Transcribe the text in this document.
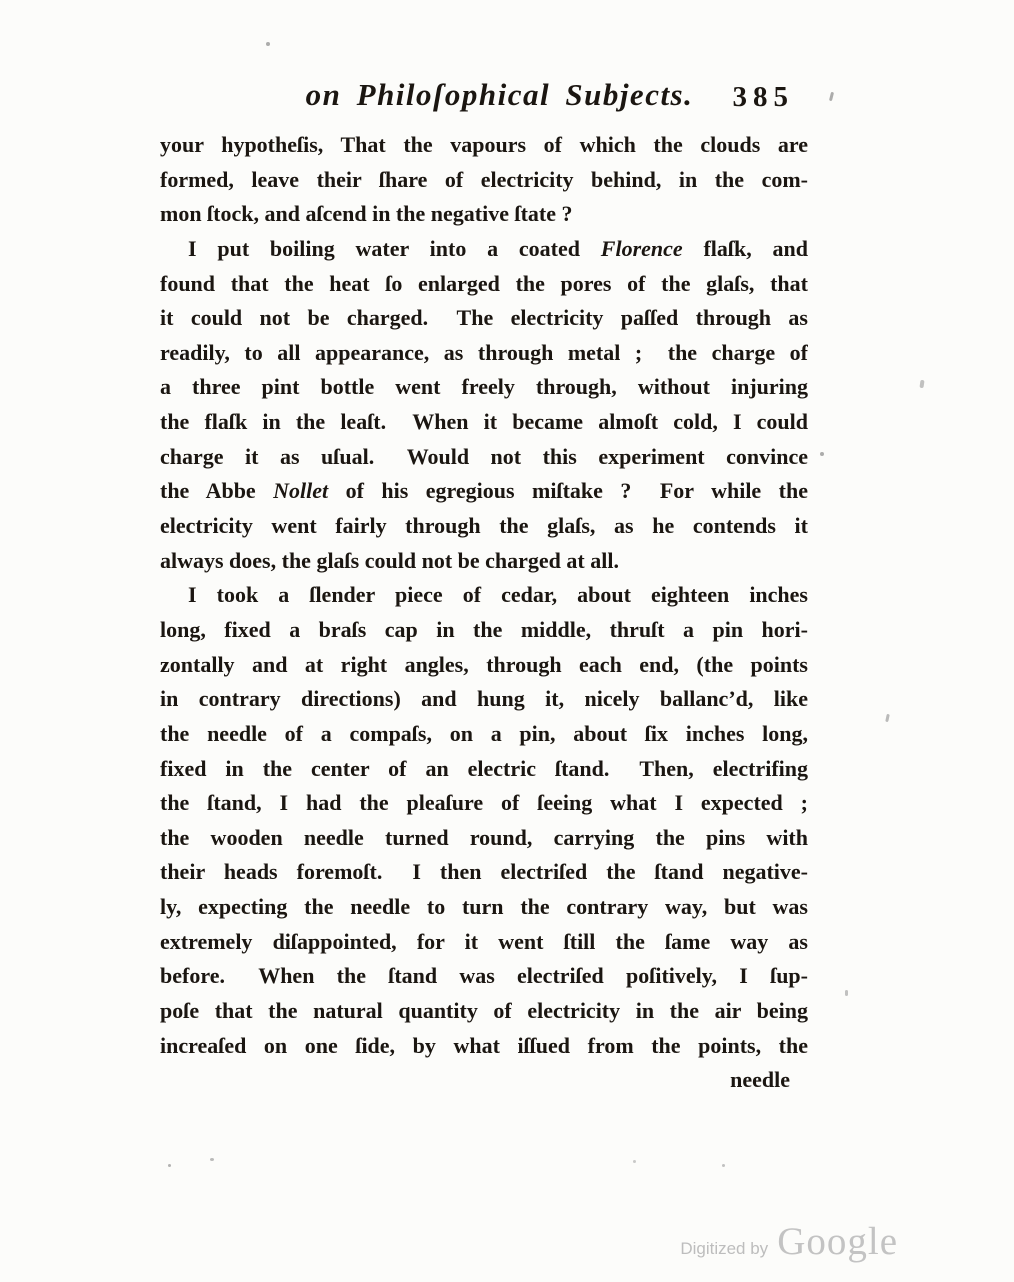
on Philoſophical Subjects. 385
your hypotheſis, That the vapours of which the clouds are
formed, leave their ſhare of electricity behind, in the com-
mon ſtock, and aſcend in the negative ſtate ?
I put boiling water into a coated Florence flaſk, and
found that the heat ſo enlarged the pores of the glaſs, that
it could not be charged.  The electricity paſſed through as
readily, to all appearance, as through metal ;  the charge of
a three pint bottle went freely through, without injuring
the flaſk in the leaſt.  When it became almoſt cold, I could
charge it as uſual.  Would not this experiment convince
the Abbe Nollet of his egregious miſtake ?  For while the
electricity went fairly through the glaſs, as he contends it
always does, the glaſs could not be charged at all.
I took a ſlender piece of cedar, about eighteen inches
long, fixed a braſs cap in the middle, thruſt a pin hori-
zontally and at right angles, through each end, (the points
in contrary directions) and hung it, nicely ballanc’d, like
the needle of a compaſs, on a pin, about ſix inches long,
fixed in the center of an electric ſtand.  Then, electrifing
the ſtand, I had the pleaſure of ſeeing what I expected ;
the wooden needle turned round, carrying the pins with
their heads foremoſt.  I then electriſed the ſtand negative-
ly, expecting the needle to turn the contrary way, but was
extremely diſappointed, for it went ſtill the ſame way as
before.  When the ſtand was electriſed poſitively, I ſup-
poſe that the natural quantity of electricity in the air being
increaſed on one ſide, by what iſſued from the points, the
needle
Digitized by Google
